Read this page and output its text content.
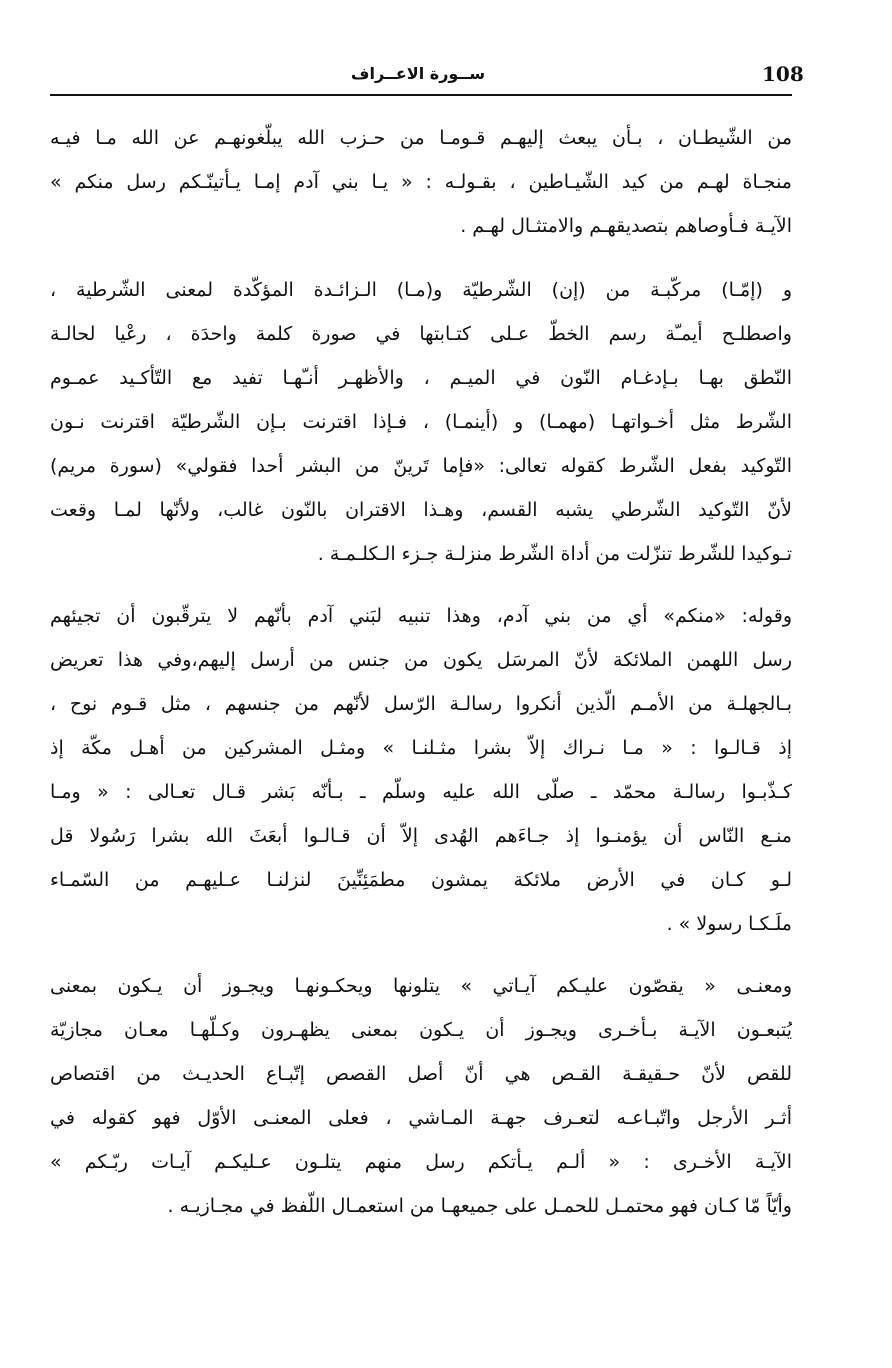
108
ســورة الاعــراف
من الشّيطـان ، بـأن يبعث إليهـم قـومـا من حـزب الله يبلّغونهـم عن الله مـا فيـه
منجـاة لهـم من كيد الشّيـاطين ، بقـولـه : « يـا بني آدم إمـا يـأتينّـكم رسل منكم »
الآيـة فـأوصاهم بتصديقهـم والامتثـال لهـم .
و (إمّـا) مركّبـة من (إن) الشّرطيّة و(مـا) الـزائـدة المؤكّدة لمعنى الشّرطية ،
واصطلـح أيمـّة رسم الخطّ عـلى كتـابتها في صورة كلمة واحدَة ، رعْيا لحالـة
النّطق بهـا بـإدغـام النّون في الميـم ، والأظهـر أنـّهـا تفيد مع التّأكـيد عمـوم
الشّرط مثل أخـواتهـا (مهمـا) و (أينمـا) ، فـإذا اقترنت بـإن الشّرطيّة اقترنت نـون
التّوكيد بفعل الشّرط كقوله تعالى: «فإما تَرينّ من البشر أحدا فقولي» (سورة مريم)
لأنّ التّوكيد الشّرطي يشبه القسم، وهـذا الاقتران بالنّون غالب، ولأنّها لمـا وقعت
تـوكيدا للشّرط تنزّلت من أداة الشّرط منزلـة جـزء الـكلـمـة .
وقوله: «منكم» أي من بني آدم، وهذا تنبيه لبَني آدم بأنّهم لا يترقّبون أن تجيئهم
رسل اللهمن الملائكة لأنّ المرسَل يكون من جنس من أرسل إليهم،وفي هذا تعريض
بـالجهلـة من الأمـم الّذين أنكروا رسالـة الرّسل لأنّهم من جنسهم ، مثل قـوم نوح ،
إذ قـالـوا : « مـا نـراك إلاّ بشرا مثـلنـا » ومثـل المشركين من أهـل مكّة إذ
كـذّبـوا رسالـة محمّد ـ صلّى الله عليه وسلّم ـ بـأنّه بَشر قـال تعـالى : « ومـا
منـع النّاس أن يؤمنـوا إذ جـاءَهم الهُدى إلاّ أن قـالـوا أبعَثَ الله بشرا رَسُولا قل
لـو كـان في الأرض ملائكة يمشون مطمَئِنِّينَ لنزلنـا عـليهـم من السّمـاء
ملَـكـا رسولا » .
ومعنـى « يقصّون عليـكم آيـاتي » يتلونها ويحكـونهـا ويجـوز أن يـكون بمعنى
يُتبعـون الآيـة بـأخـرى ويجـوز أن يـكون بمعنى يظهـرون وكـلّهـا معـان مجازيّة
للقص لأنّ حـقيقـة القـص هي أنّ أصل القصص إتّبـاع الحديـث من اقتصاص
أثـر الأرجل واتّبـاعـه لتعـرف جهـة المـاشي ، فعلى المعنـى الأوّل فهو كقوله في
الآيـة الأخـرى : « ألـم يـأتكم رسل منهم يتلـون عـليكـم آيـات ربّـكم »
وأيّاً مّا كـان فهو محتمـل للحمـل على جميعهـا من استعمـال اللّفظ في مجـازيـه .
